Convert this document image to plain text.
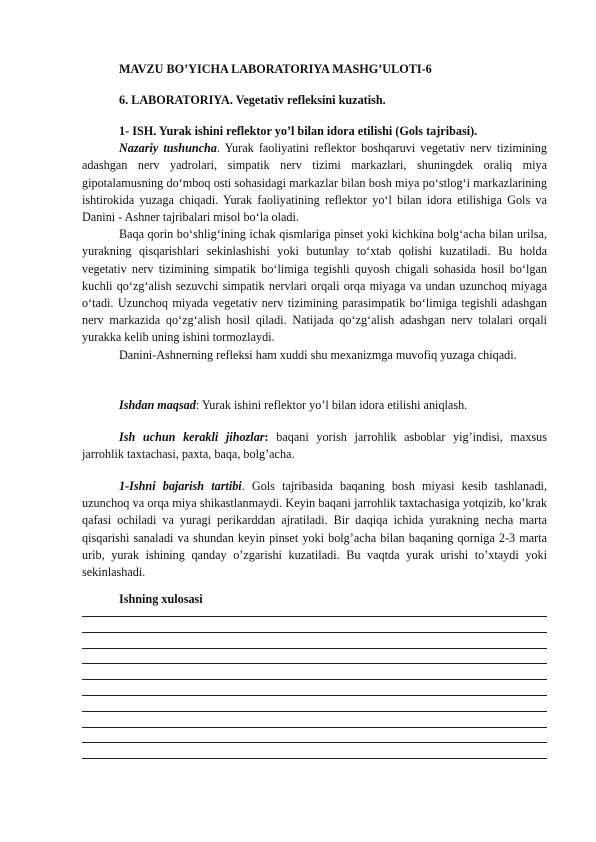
MAVZU BO’YICHA LABORATORIYA MASHG’ULOTI-6
6. LABORATORIYA. Vegetativ refleksini kuzatish.

1- ISH. Yurak ishini reflektor yo’l bilan idora etilishi (Gols tajribasi).

Nazariy tushuncha. Yurak faoliyatini reflektor boshqaruvi vegetativ nerv tizimining adashgan nerv yadrolari, simpatik nerv tizimi markazlari, shuningdek oraliq miya gipotalamusning do‘mboq osti sohasidagi markazlar bilan bosh miya po‘stlog‘i markazlarining ishtirokida yuzaga chiqadi. Yurak faoliyatining reflektor yo‘l bilan idora etilishiga Gols va Danini - Ashner tajribalari misol bo‘la oladi.

Baqa qorin bo‘shlig‘ining ichak qismlariga pinset yoki kichkina bolg‘acha bilan urilsa, yurakning qisqarishlari sekinlashishi yoki butunlay to‘xtab qolishi kuzatiladi. Bu holda vegetativ nerv tizimining simpatik bo‘limiga tegishli quyosh chigali sohasida hosil bo‘lgan kuchli qo‘zg‘alish sezuvchi simpatik nervlari orqali orqa miyaga va undan uzunchoq miyaga o‘tadi. Uzunchoq miyada vegetativ nerv tizimining parasimpatik bo‘limiga tegishli adashgan nerv markazida qo‘zg‘alish hosil qiladi. Natijada qo‘zg‘alish adashgan nerv tolalari orqali yurakka kelib uning ishini tormozlaydi.

Danini-Ashnerning refleksi ham xuddi shu mexanizmga muvofiq yuzaga chiqadi.

Ishdan maqsad: Yurak ishini reflektor yo’l bilan idora etilishi aniqlash.

Ish uchun kerakli jihozlar: baqani yorish jarrohlik asboblar yig’indisi, maxsus jarrohlik taxtachasi, paxta, baqa, bolg’acha.

1-Ishni bajarish tartibi. Gols tajribasida baqaning bosh miyasi kesib tashlanadi, uzunchoq va orqa miya shikastlanmaydi. Keyin baqani jarrohlik taxtachasiga yotqizib, ko’krak qafasi ochiladi va yuragi perikarddan ajratiladi. Bir daqiqa ichida yurakning necha marta qisqarishi sanaladi va shundan keyin pinset yoki bolg’acha bilan baqaning qorniga 2-3 marta urib, yurak ishining qanday o’zgarishi kuzatiladi. Bu vaqtda yurak urishi to’xtaydi yoki sekinlashadi.

Ishning xulosasi
